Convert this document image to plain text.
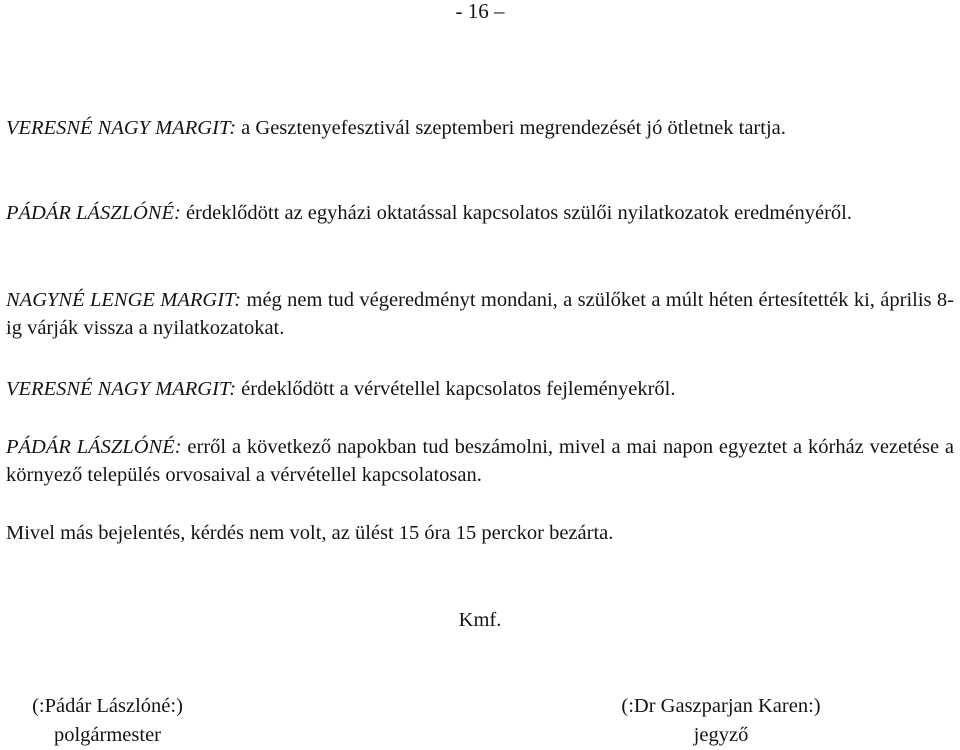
- 16 –

VERESNÉ NAGY MARGIT: a Gesztenyefesztivál szeptemberi megrendezését jó ötletnek tartja.

PÁDÁR LÁSZLÓNÉ: érdeklődött az egyházi oktatással kapcsolatos szülői nyilatkozatok eredményéről.

NAGYNÉ LENGE MARGIT: még nem tud végeredményt mondani, a szülőket a múlt héten értesítették ki, április 8-ig várják vissza a nyilatkozatokat.

VERESNÉ NAGY MARGIT: érdeklődött a vérvétellel kapcsolatos fejleményekről.

PÁDÁR LÁSZLÓNÉ: erről a következő napokban tud beszámolni, mivel a mai napon egyeztet a kórház vezetése a környező település orvosaival a vérvétellel kapcsolatosan.

Mivel más bejelentés, kérdés nem volt, az ülést 15 óra 15 perckor bezárta.

Kmf.
(:Pádár Lászlóné:)
polgármester
(:Dr Gaszparjan Karen:)
jegyző
